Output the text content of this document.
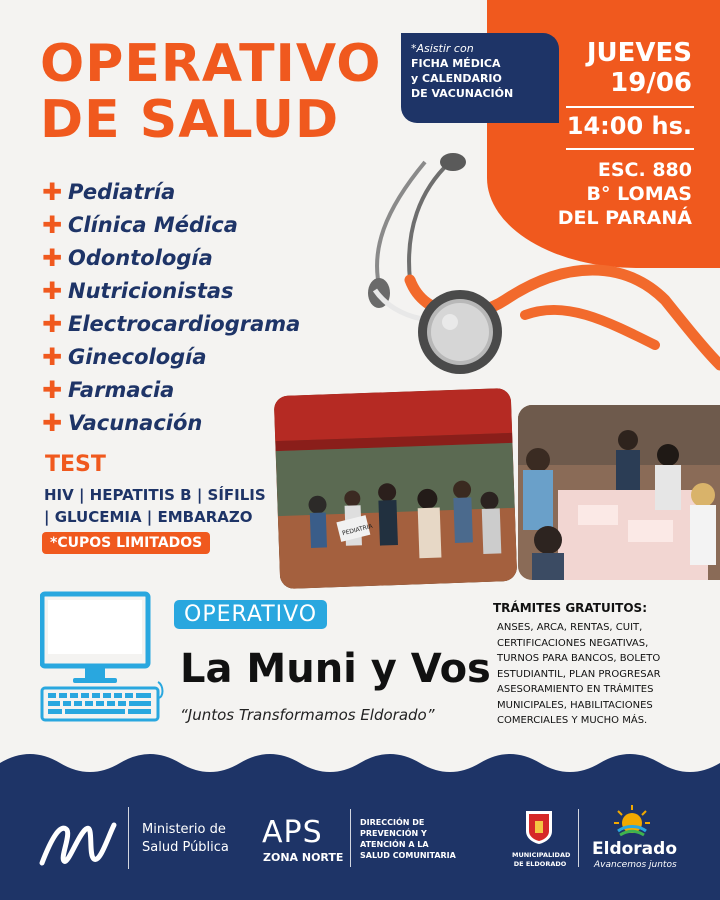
OPERATIVO
DE SALUD
*Asistir con
FICHA MÉDICA
y CALENDARIO
DE VACUNACIÓN
JUEVES
19/06
14:00 hs.
ESC. 880
B° LOMAS
DEL PARANÁ
✚ Pediatría
✚ Clínica Médica
✚ Odontología
✚ Nutricionistas
✚ Electrocardiograma
✚ Ginecología
✚ Farmacia
✚ Vacunación
TEST
HIV | HEPATITIS B | SÍFILIS
| GLUCEMIA | EMBARAZO
*CUPOS LIMITADOS
PEDIATRIA
OPERATIVO
La Muni y Vos
“Juntos Transformamos Eldorado”
TRÁMITES GRATUITOS:
ANSES, ARCA, RENTAS, CUIT,
CERTIFICACIONES NEGATIVAS,
TURNOS PARA BANCOS, BOLETO
ESTUDIANTIL, PLAN PROGRESAR
ASESORAMIENTO EN TRÁMITES
MUNICIPALES, HABILITACIONES
COMERCIALES Y MUCHO MÁS.
Ministerio de
Salud Pública APS
ZONA NORTE
DIRECCIÓN DE
PREVENCIÓN Y
ATENCIÓN A LA
SALUD COMUNITARIA	MUNICIPALIDAD
DE ELDORADO
Eldorado
Avancemos juntos
